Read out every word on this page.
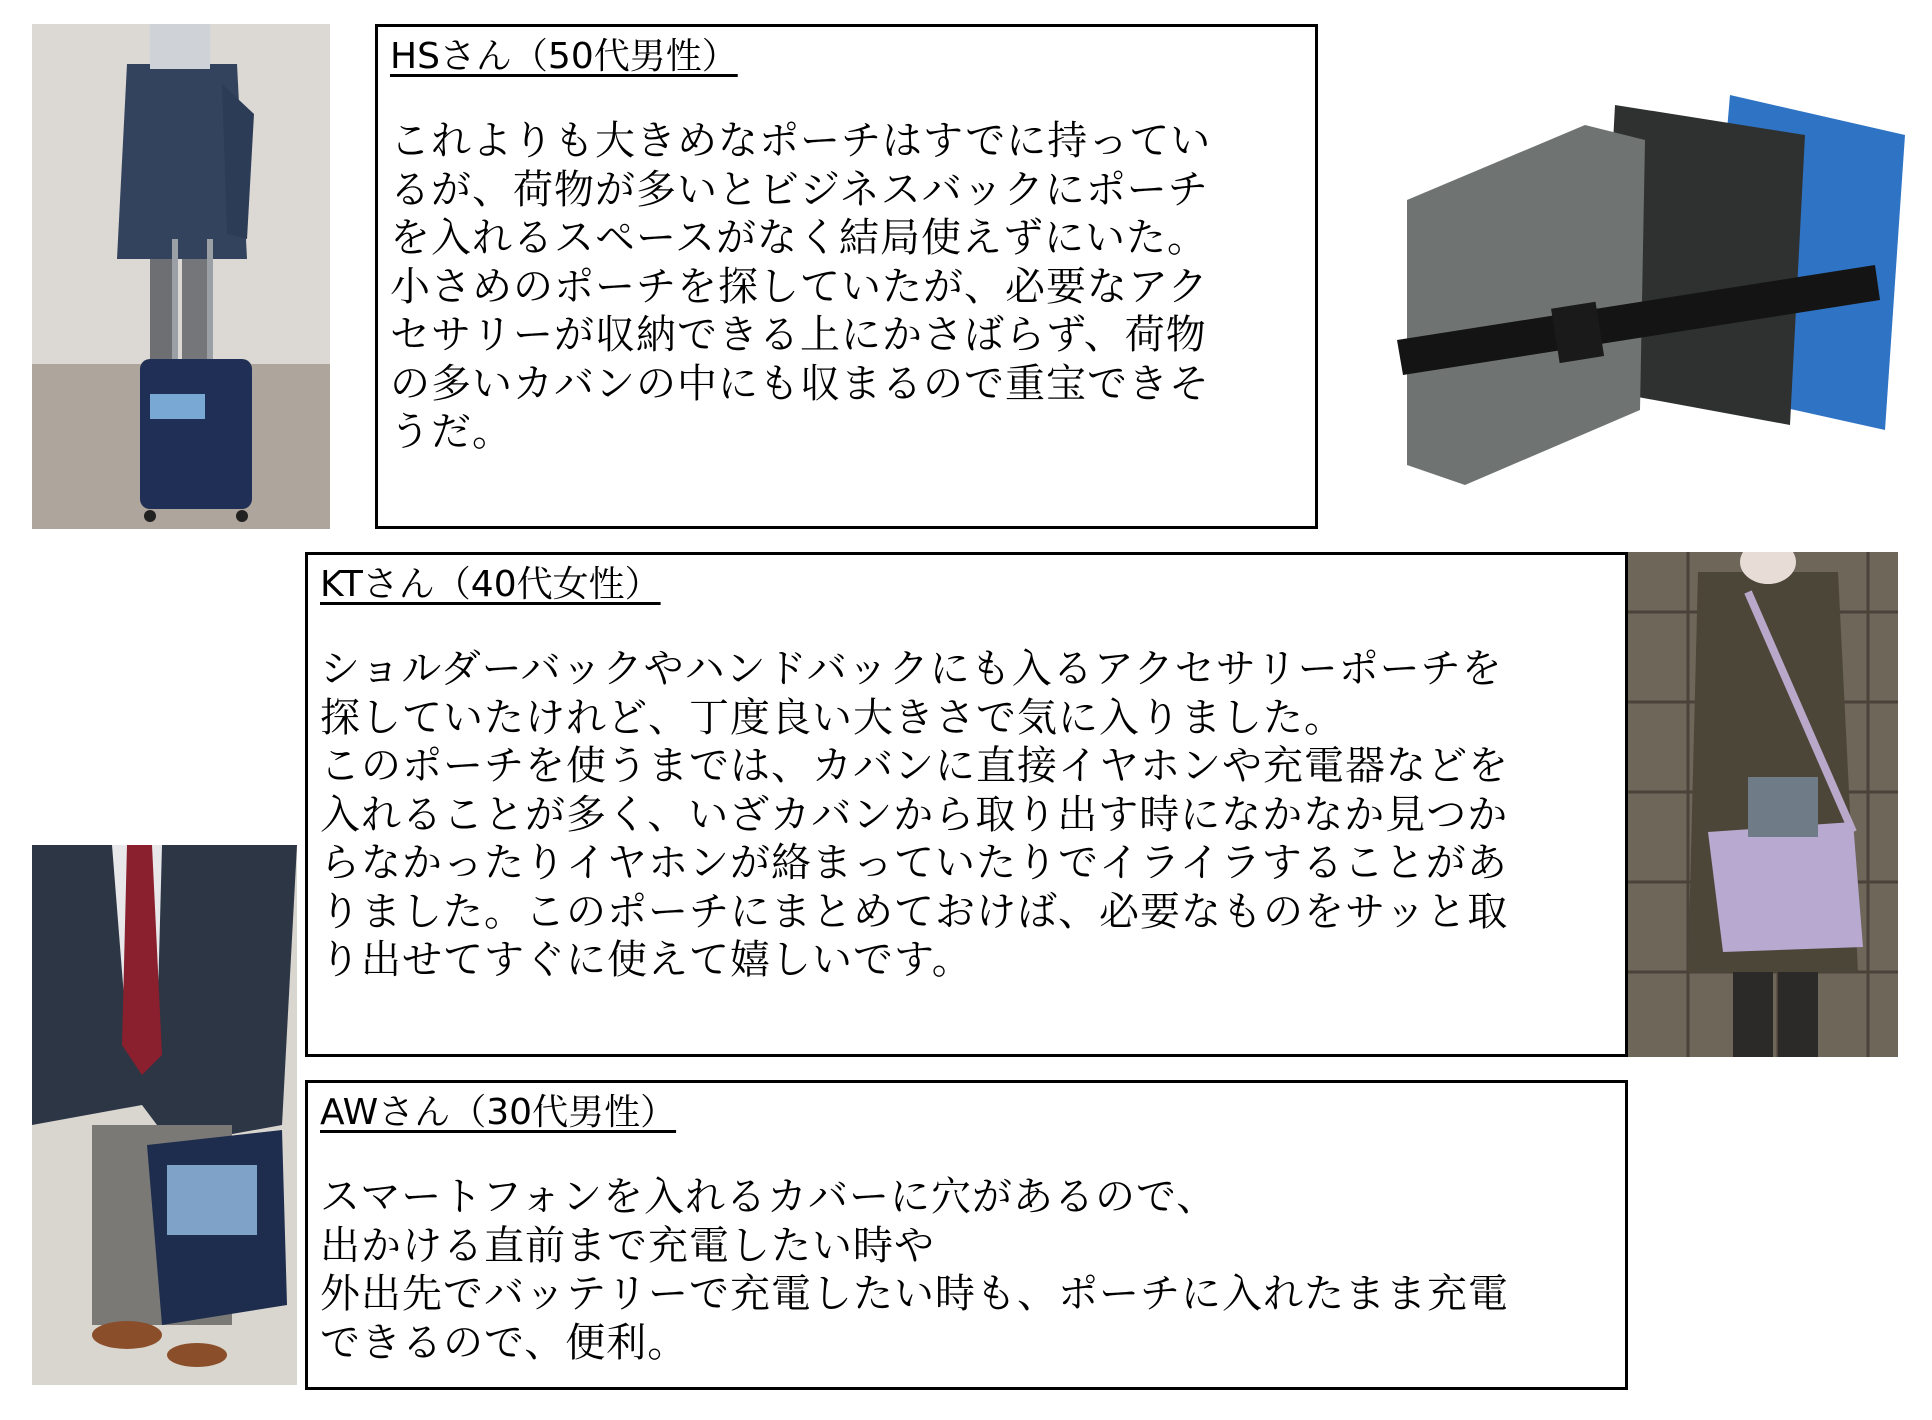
HSさん（50代男性）
これよりも大きめなポーチはすでに持ってい
るが、荷物が多いとビジネスバックにポーチ
を入れるスペースがなく結局使えずにいた。
小さめのポーチを探していたが、必要なアク
セサリーが収納できる上にかさばらず、荷物
の多いカバンの中にも収まるので重宝できそ
うだ。
KTさん（40代女性）
ショルダーバックやハンドバックにも入るアクセサリーポーチを
探していたけれど、丁度良い大きさで気に入りました。
このポーチを使うまでは、カバンに直接イヤホンや充電器などを
入れることが多く、いざカバンから取り出す時になかなか見つか
らなかったりイヤホンが絡まっていたりでイライラすることがあ
りました。このポーチにまとめておけば、必要なものをサッと取
り出せてすぐに使えて嬉しいです。
AWさん（30代男性）
スマートフォンを入れるカバーに穴があるので、
出かける直前まで充電したい時や
外出先でバッテリーで充電したい時も、ポーチに入れたまま充電
できるので、便利。
